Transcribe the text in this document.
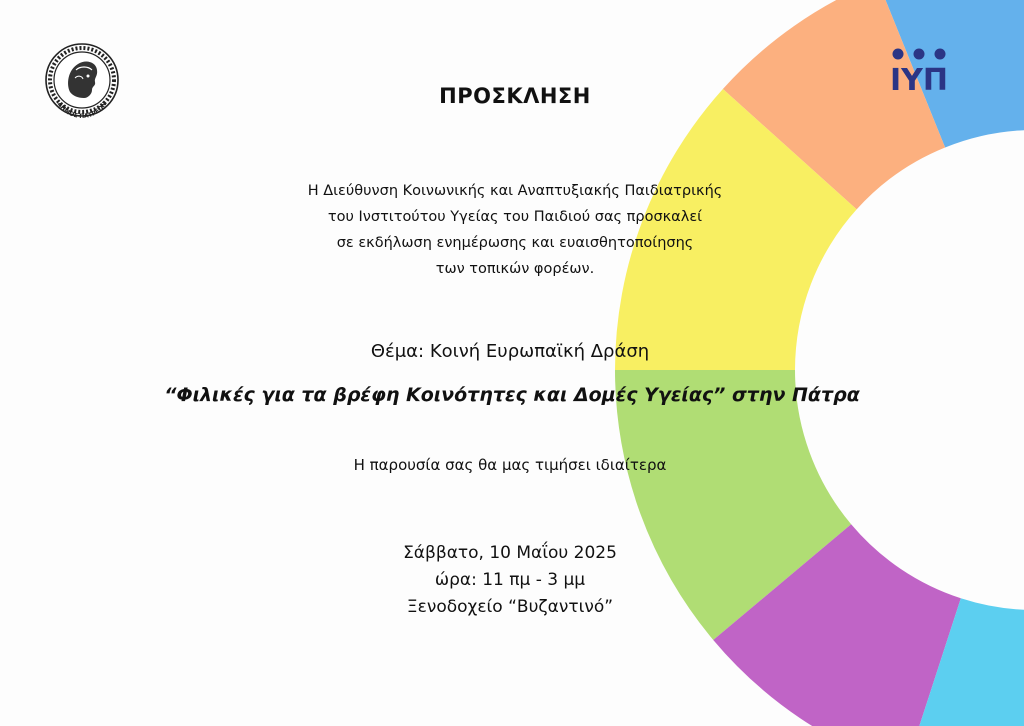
ΔΗΜΟΣ ΠΑΤΡΕΩΝ
ΙΥΠ
ΠΡΟΣΚΛΗΣΗ
Η Διεύθυνση Κοινωνικής και Αναπτυξιακής Παιδιατρικής
του Ινστιτούτου Υγείας του Παιδιού σας προσκαλεί
σε εκδήλωση ενημέρωσης και ευαισθητοποίησης
των τοπικών φορέων.
Θέμα: Κοινή Ευρωπαϊκή Δράση
“Φιλικές για τα βρέφη Κοινότητες και Δομές Υγείας” στην Πάτρα
Η παρουσία σας θα μας τιμήσει ιδιαίτερα
Σάββατο, 10 Μαΐου 2025
ώρα: 11 πμ - 3 μμ
Ξενοδοχείο “Βυζαντινό”
